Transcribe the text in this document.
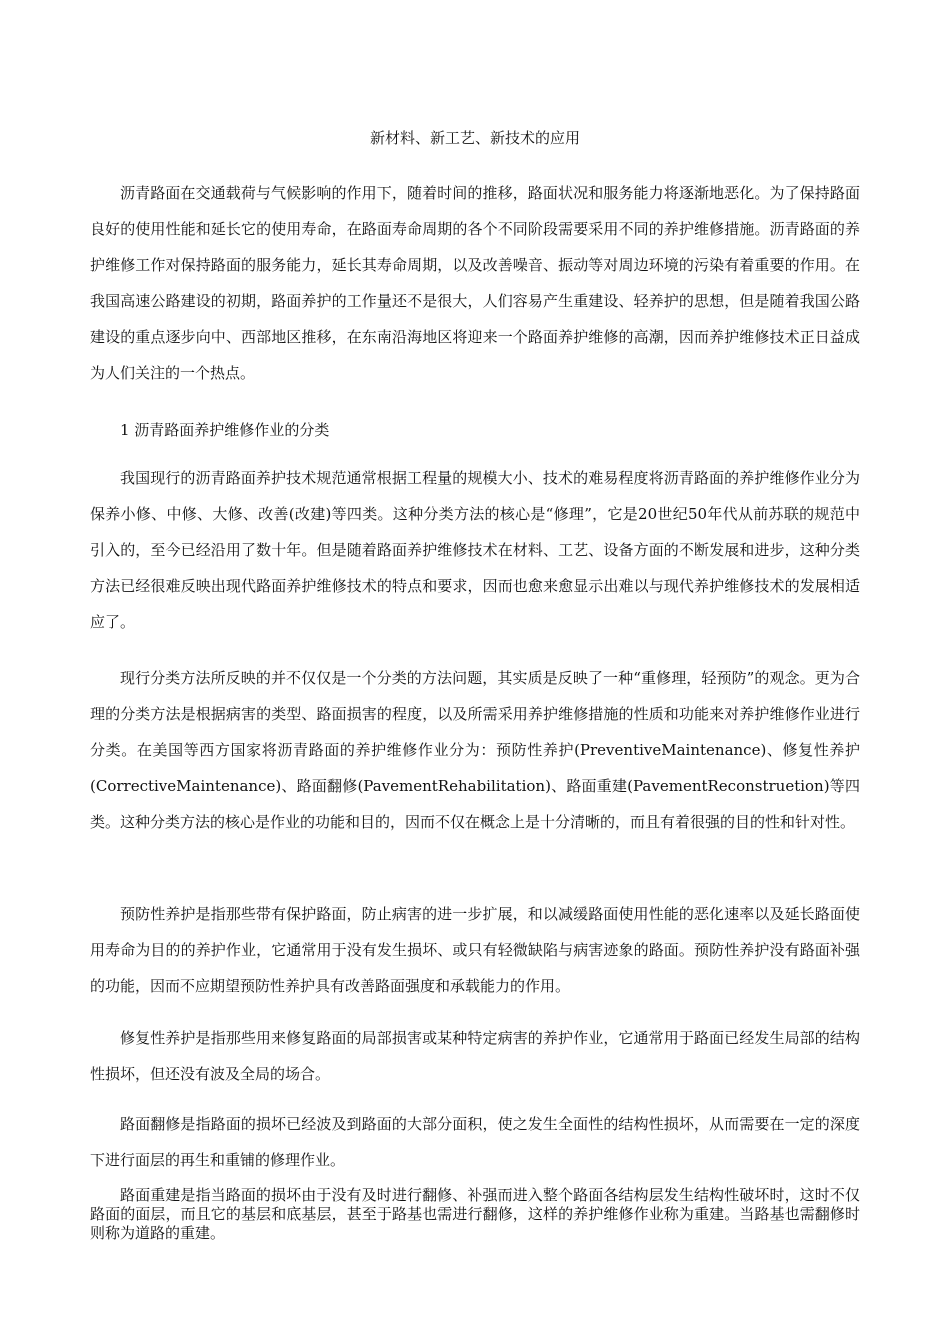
新材料、新工艺、新技术的应用

沥青路面在交通载荷与气候影响的作用下，随着时间的推移，路面状况和服务能力将逐渐地恶化。为了保持路面良好的使用性能和延长它的使用寿命，在路面寿命周期的各个不同阶段需要采用不同的养护维修措施。沥青路面的养护维修工作对保持路面的服务能力，延长其寿命周期，以及改善噪音、振动等对周边环境的污染有着重要的作用。在我国高速公路建设的初期，路面养护的工作量还不是很大，人们容易产生重建设、轻养护的思想，但是随着我国公路建设的重点逐步向中、西部地区推移，在东南沿海地区将迎来一个路面养护维修的高潮，因而养护维修技术正日益成为人们关注的一个热点。

1 沥青路面养护维修作业的分类

我国现行的沥青路面养护技术规范通常根据工程量的规模大小、技术的难易程度将沥青路面的养护维修作业分为保养小修、中修、大修、改善(改建)等四类。这种分类方法的核心是“修理”，它是20世纪50年代从前苏联的规范中引入的，至今已经沿用了数十年。但是随着路面养护维修技术在材料、工艺、设备方面的不断发展和进步，这种分类方法已经很难反映出现代路面养护维修技术的特点和要求，因而也愈来愈显示出难以与现代养护维修技术的发展相适应了。

现行分类方法所反映的并不仅仅是一个分类的方法问题，其实质是反映了一种“重修理，轻预防”的观念。更为合理的分类方法是根据病害的类型、路面损害的程度，以及所需采用养护维修措施的性质和功能来对养护维修作业进行分类。在美国等西方国家将沥青路面的养护维修作业分为：预防性养护(PreventiveMaintenance)、修复性养护(CorrectiveMaintenance)、路面翻修(PavementRehabilitation)、路面重建(PavementReconstruetion)等四类。这种分类方法的核心是作业的功能和目的，因而不仅在概念上是十分清晰的，而且有着很强的目的性和针对性。

预防性养护是指那些带有保护路面，防止病害的进一步扩展，和以减缓路面使用性能的恶化速率以及延长路面使用寿命为目的的养护作业，它通常用于没有发生损坏、或只有轻微缺陷与病害迹象的路面。预防性养护没有路面补强的功能，因而不应期望预防性养护具有改善路面强度和承载能力的作用。

修复性养护是指那些用来修复路面的局部损害或某种特定病害的养护作业，它通常用于路面已经发生局部的结构性损坏，但还没有波及全局的场合。

路面翻修是指路面的损坏已经波及到路面的大部分面积，使之发生全面性的结构性损坏，从而需要在一定的深度下进行面层的再生和重铺的修理作业。

路面重建是指当路面的损坏由于没有及时进行翻修、补强而进入整个路面各结构层发生结构性破坏时，这时不仅路面的面层，而且它的基层和底基层，甚至于路基也需进行翻修，这样的养护维修作业称为重建。当路基也需翻修时则称为道路的重建。
